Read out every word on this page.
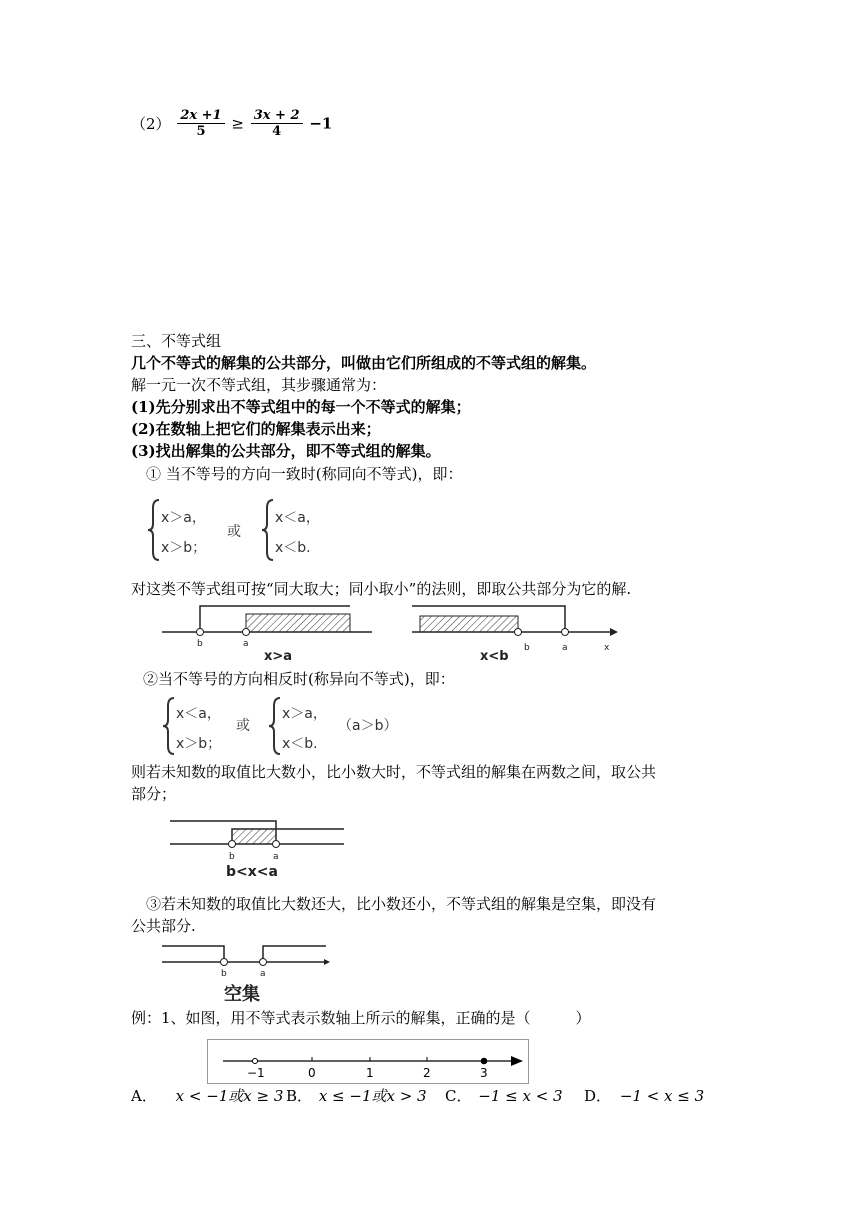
$(2) \frac{2x +1}{5} \ge \frac{3x + 2}{4} -1$
三、不等式组
几个不等式的解集的公共部分，叫做由它们所组成的不等式组的解集。
解一元一次不等式组，其步骤通常为：
(1)先分别求出不等式组中的每一个不等式的解集；
(2)在数轴上把它们的解集表示出来；
(3)找出解集的公共部分，即不等式组的解集。
① 当不等号的方向一致时(称同向不等式)，即：
x＞a，
x＞b；
或
x＜a，
x＜b.
对这类不等式组可按“同大取大；同小取小”的法则，即取公共部分为它的解.
b	a
x>a
b	a	x
x<b
②当不等号的方向相反时(称异向不等式)，即：
x＜a，
x＞b；
或
x＞a，
x＜b.
（a＞b）
则若未知数的取值比大数小，比小数大时，不等式组的解集在两数之间，取公共
部分；
b	a
b<x<a
③若未知数的取值比大数还大，比小数还小，不等式组的解集是空集，即没有
公共部分.
b	a
空集
例：1、如图，用不等式表示数轴上所示的解集，正确的是（　　　）
−1	0	1	2	3
A． x < −1或x ≥ 3 B． x ≤ −1或x > 3 C． −1 ≤ x < 3 D． −1 < x ≤ 3
